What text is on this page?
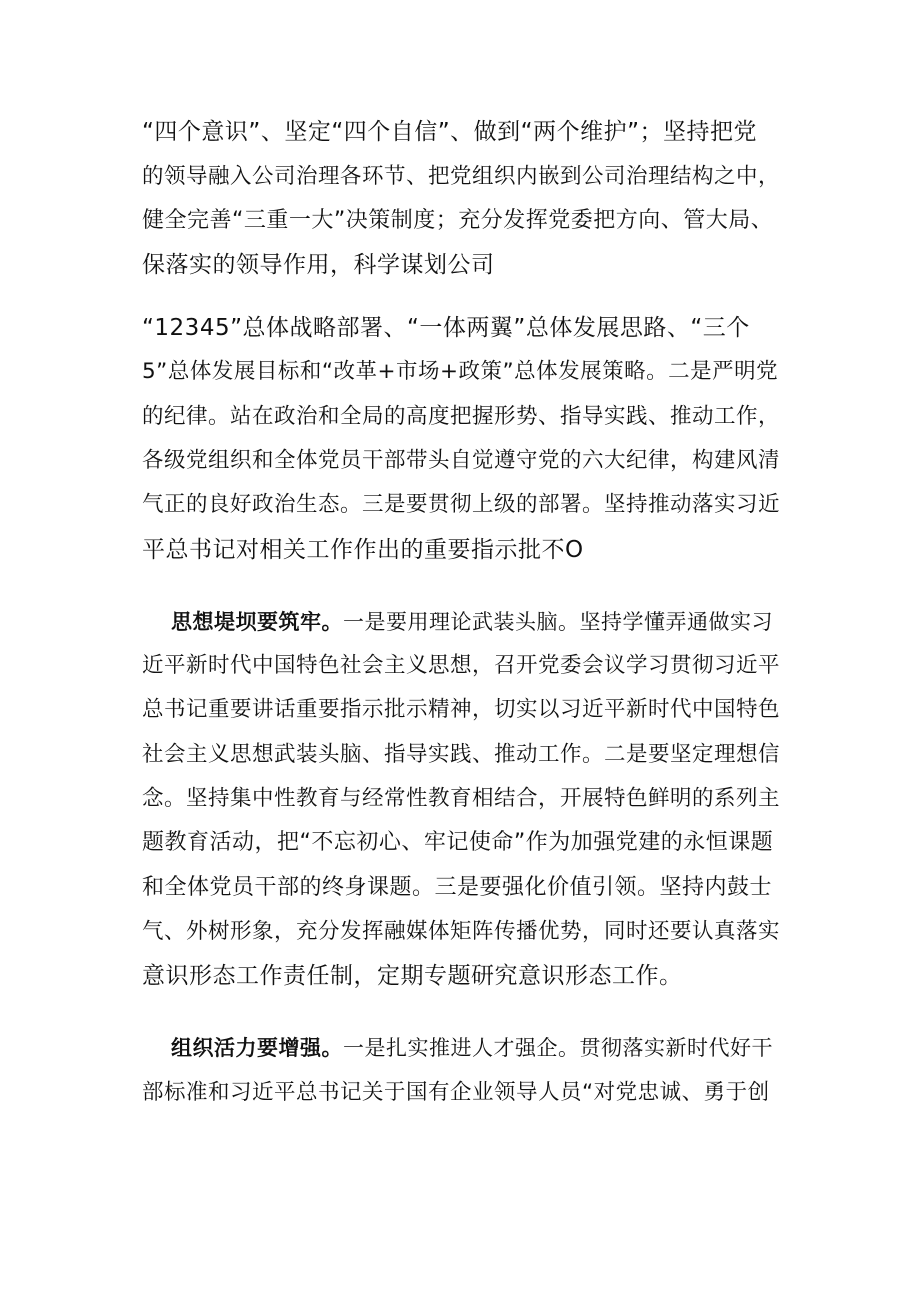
“四个意识”、坚定“四个自信”、做到“两个维护”；坚持把党
的领导融入公司治理各环节、把党组织内嵌到公司治理结构之中，
健全完善“三重一大”决策制度；充分发挥党委把方向、管大局、
保落实的领导作用，科学谋划公司
“12345”总体战略部署、“一体两翼”总体发展思路、“三个
5”总体发展目标和“改革+市场+政策”总体发展策略。二是严明党
的纪律。站在政治和全局的高度把握形势、指导实践、推动工作，
各级党组织和全体党员干部带头自觉遵守党的六大纪律，构建风清
气正的良好政治生态。三是要贯彻上级的部署。坚持推动落实习近
平总书记对相关工作作出的重要指示批不O
思想堤坝要筑牢。一是要用理论武装头脑。坚持学懂弄通做实习
近平新时代中国特色社会主义思想，召开党委会议学习贯彻习近平
总书记重要讲话重要指示批示精神，切实以习近平新时代中国特色
社会主义思想武装头脑、指导实践、推动工作。二是要坚定理想信
念。坚持集中性教育与经常性教育相结合，开展特色鲜明的系列主
题教育活动，把“不忘初心、牢记使命”作为加强党建的永恒课题
和全体党员干部的终身课题。三是要强化价值引领。坚持内鼓士
气、外树形象，充分发挥融媒体矩阵传播优势，同时还要认真落实
意识形态工作责任制，定期专题研究意识形态工作。
组织活力要增强。一是扎实推进人才强企。贯彻落实新时代好干
部标准和习近平总书记关于国有企业领导人员“对党忠诚、勇于创
